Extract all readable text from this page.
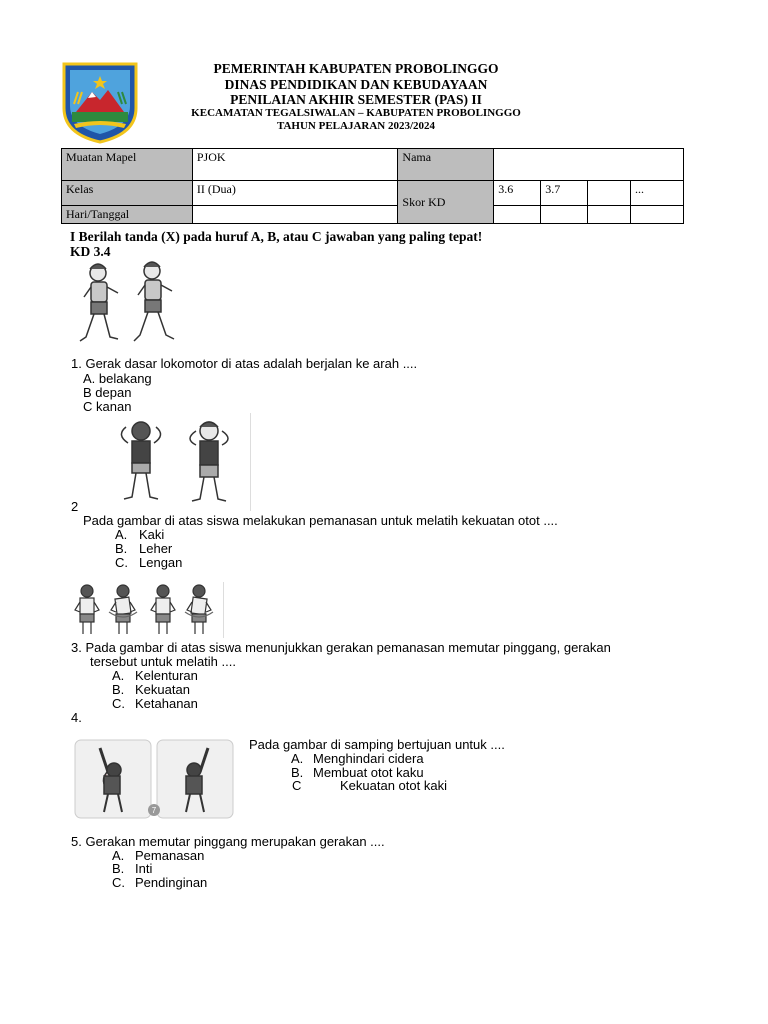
PEMERINTAH KABUPATEN PROBOLINGGO
DINAS PENDIDIKAN DAN KEBUDAYAAN
PENILAIAN AKHIR SEMESTER (PAS) II
KECAMATAN TEGALSIWALAN – KABUPATEN PROBOLINGGO
TAHUN PELAJARAN 2023/2024
Muatan Mapel	PJOK	Nama				
Kelas	II (Dua)	Skor KD	3.6	3.7		...
Hari/Tanggal						
I Berilah tanda (X) pada huruf A, B, atau C jawaban yang paling tepat!
KD 3.4
1. Gerak dasar lokomotor di atas adalah berjalan ke arah ....
A. belakang
B depan
C kanan
2
Pada gambar di atas siswa melakukan pemanasan untuk melatih kekuatan otot ....
A. Kaki
B. Leher
C. Lengan
3. Pada gambar di atas siswa menunjukkan gerakan pemanasan memutar pinggang, gerakan
tersebut untuk melatih ....
A. Kelenturan
B. Kekuatan
C. Ketahanan
4.
7
Pada gambar di samping bertujuan untuk ....
A. Menghindari cidera
B. Membuat otot kaku
C	Kekuatan otot kaki
5. Gerakan memutar pinggang merupakan gerakan ....
A. Pemanasan
B. Inti
C. Pendinginan
